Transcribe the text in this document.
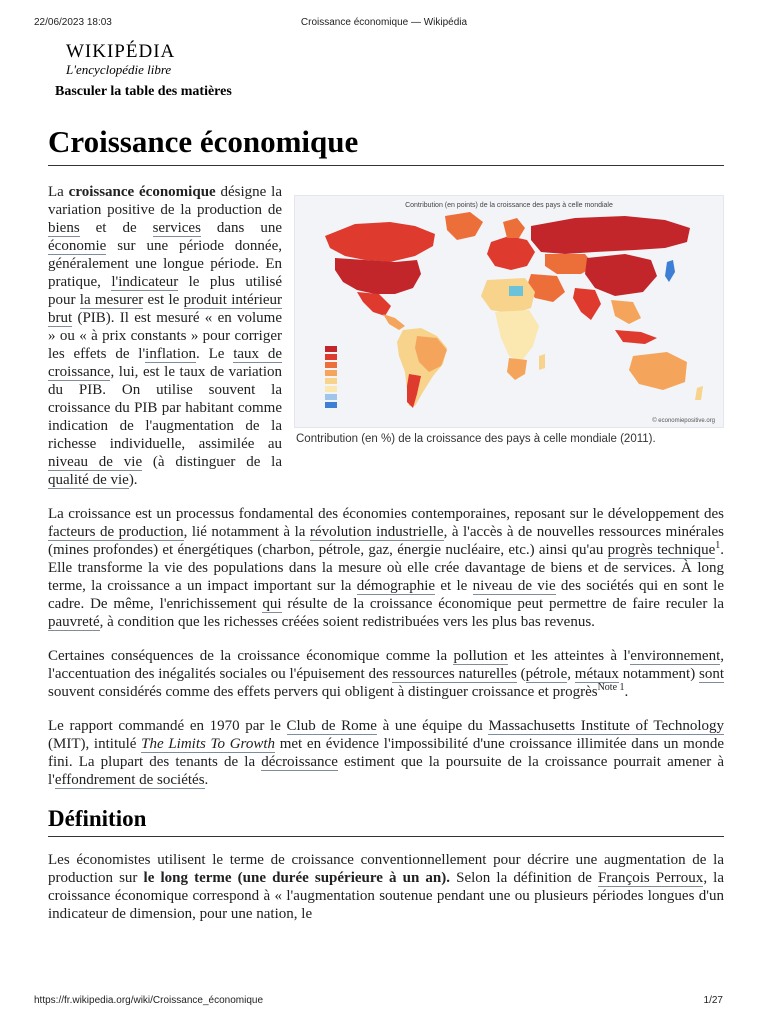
22/06/2023 18:03	Croissance économique — Wikipédia
WIKIPÉDIA
L'encyclopédie libre
Basculer la table des matières
Croissance économique
Contribution (en points) de la croissance des pays à celle mondiale
© economiepositive.org
Contribution (en %) de la croissance des pays à celle mondiale (2011).

La croissance économique désigne la variation positive de la production de biens et de services dans une économie sur une période donnée, généralement une longue période. En pratique, l'indicateur le plus utilisé pour la mesurer est le produit intérieur brut (PIB). Il est mesuré « en volume » ou « à prix constants » pour corriger les effets de l'inflation. Le taux de croissance, lui, est le taux de variation du PIB. On utilise souvent la croissance du PIB par habitant comme indication de l'augmentation de la richesse individuelle, assimilée au niveau de vie (à distinguer de la qualité de vie).

La croissance est un processus fondamental des économies contemporaines, reposant sur le développement des facteurs de production, lié notamment à la révolution industrielle, à l'accès à de nouvelles ressources minérales (mines profondes) et énergétiques (charbon, pétrole, gaz, énergie nucléaire, etc.) ainsi qu'au progrès technique$^1$. Elle transforme la vie des populations dans la mesure où elle crée davantage de biens et de services. À long terme, la croissance a un impact important sur la démographie et le niveau de vie des sociétés qui en sont le cadre. De même, l'enrichissement qui résulte de la croissance économique peut permettre de faire reculer la pauvreté, à condition que les richesses créées soient redistribuées vers les plus bas revenus.

Certaines conséquences de la croissance économique comme la pollution et les atteintes à l'environnement, l'accentuation des inégalités sociales ou l'épuisement des ressources naturelles (pétrole, métaux notamment) sont souvent considérés comme des effets pervers qui obligent à distinguer croissance et progrès$^{Note 1}$.

Le rapport commandé en 1970 par le Club de Rome à une équipe du Massachusetts Institute of Technology (MIT), intitulé The Limits To Growth met en évidence l'impossibilité d'une croissance illimitée dans un monde fini. La plupart des tenants de la décroissance estiment que la poursuite de la croissance pourrait amener à l'effondrement de sociétés.

Définition

Les économistes utilisent le terme de croissance conventionnellement pour décrire une augmentation de la production sur le long terme (une durée supérieure à un an). Selon la définition de François Perroux, la croissance économique correspond à « l'augmentation soutenue pendant une ou plusieurs périodes longues d'un indicateur de dimension, pour une nation, le

https://fr.wikipedia.org/wiki/Croissance_économique	1/27
